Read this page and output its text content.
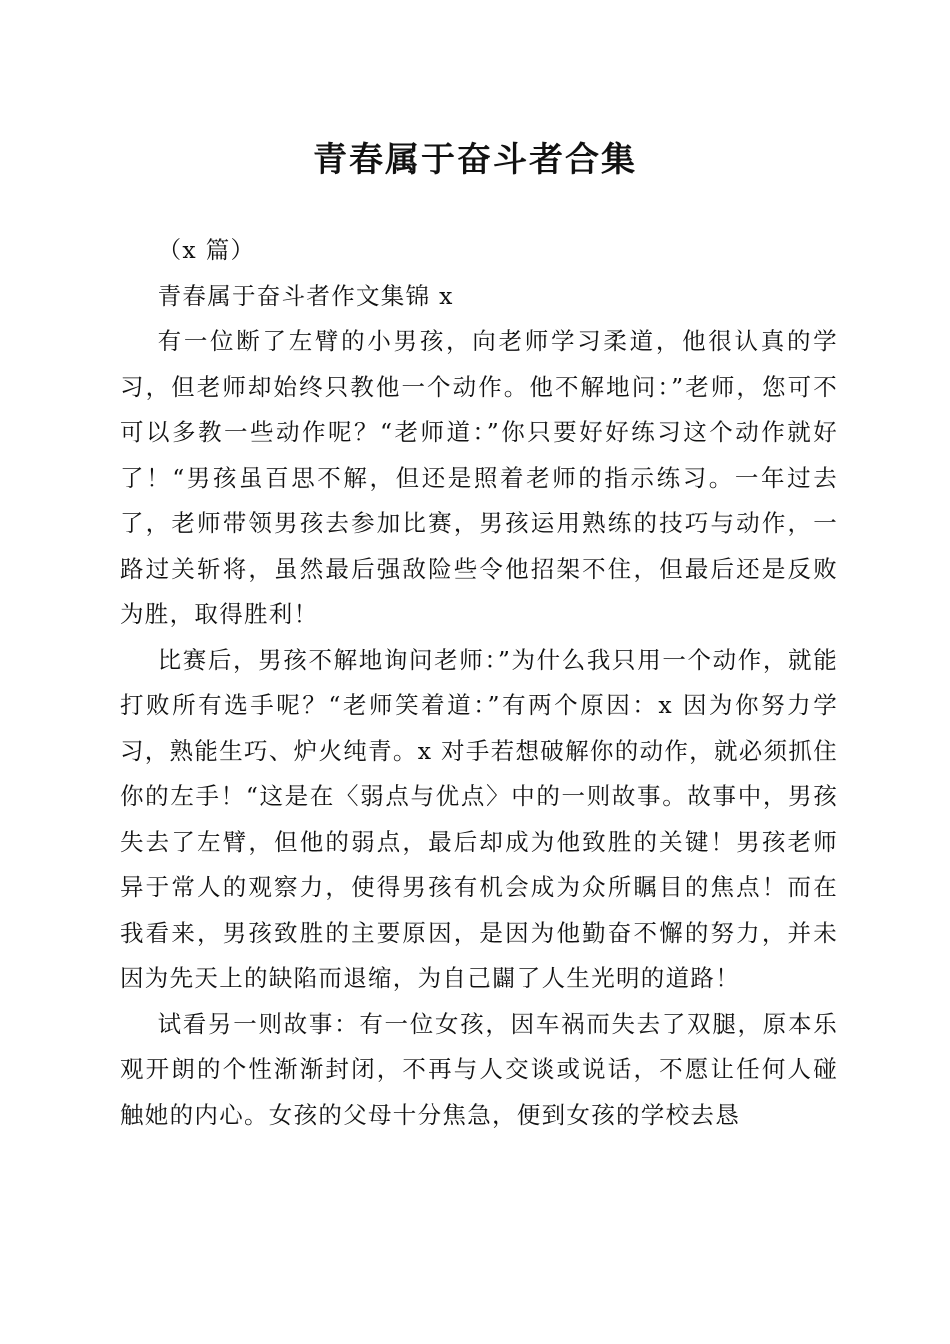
青春属于奋斗者合集

（x 篇）

青春属于奋斗者作文集锦 x

有一位断了左臂的小男孩，向老师学习柔道，他很认真的学习，但老师却始终只教他一个动作。他不解地问：”老师，您可不可以多教一些动作呢？“老师道：”你只要好好练习这个动作就好了！“男孩虽百思不解，但还是照着老师的指示练习。一年过去了，老师带领男孩去参加比赛，男孩运用熟练的技巧与动作，一路过关斩将，虽然最后强敌险些令他招架不住，但最后还是反败为胜，取得胜利！

比赛后，男孩不解地询问老师：”为什么我只用一个动作，就能打败所有选手呢？“老师笑着道：”有两个原因：x 因为你努力学习，熟能生巧、炉火纯青。x 对手若想破解你的动作，就必须抓住你的左手！“这是在〈弱点与优点〉中的一则故事。故事中，男孩失去了左臂，但他的弱点，最后却成为他致胜的关键！男孩老师异于常人的观察力，使得男孩有机会成为众所瞩目的焦点！而在我看来，男孩致胜的主要原因，是因为他勤奋不懈的努力，并未因为先天上的缺陷而退缩，为自己闢了人生光明的道路！

试看另一则故事：有一位女孩，因车祸而失去了双腿，原本乐观开朗的个性渐渐封闭，不再与人交谈或说话，不愿让任何人碰触她的内心。女孩的父母十分焦急，便到女孩的学校去恳
